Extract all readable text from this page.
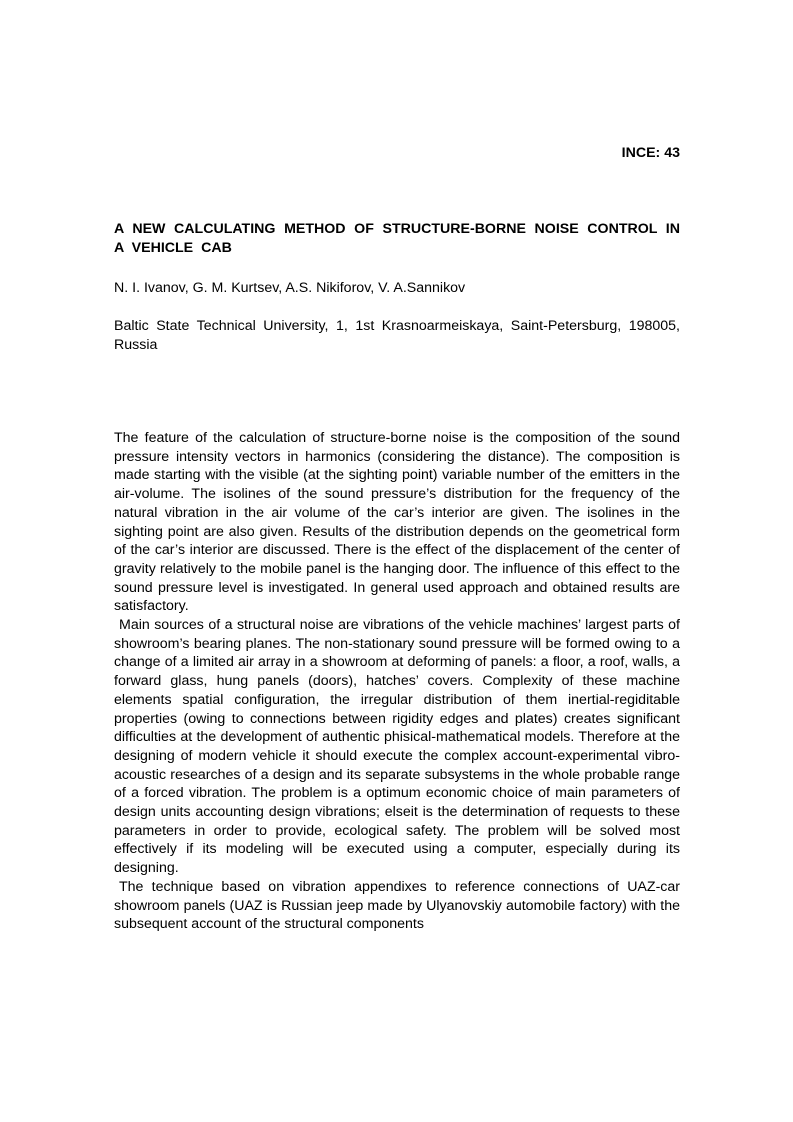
INCE: 43
A NEW CALCULATING METHOD OF STRUCTURE-BORNE NOISE CONTROL IN A VEHICLE CAB
N. I. Ivanov, G. M. Kurtsev, A.S. Nikiforov, V. A.Sannikov
Baltic State Technical University, 1, 1st Krasnoarmeiskaya, Saint-Petersburg, 198005, Russia

The feature of the calculation of structure-borne noise is the composition of the sound pressure intensity vectors in harmonics (considering the distance). The composition is made starting with the visible (at the sighting point) variable number of the emitters in the air-volume. The isolines of the sound pressure’s distribution for the frequency of the natural vibration in the air volume of the car’s interior are given. The isolines in the sighting point are also given. Results of the distribution depends on the geometrical form of the car’s interior are discussed. There is the effect of the displacement of the center of gravity relatively to the mobile panel is the hanging door. The influence of this effect to the sound pressure level is investigated. In general used approach and obtained results are satisfactory.

Main sources of a structural noise are vibrations of the vehicle machines’ largest parts of showroom’s bearing planes. The non-stationary sound pressure will be formed owing to a change of a limited air array in a showroom at deforming of panels: a floor, a roof, walls, a forward glass, hung panels (doors), hatches’ covers. Complexity of these machine elements spatial configuration, the irregular distribution of them inertial-regiditable properties (owing to connections between rigidity edges and plates) creates significant difficulties at the development of authentic phisical-mathematical models. Therefore at the designing of modern vehicle it should execute the complex account-experimental vibro-acoustic researches of a design and its separate subsystems in the whole probable range of a forced vibration. The problem is a optimum economic choice of main parameters of design units accounting design vibrations; elseit is the determination of requests to these parameters in order to provide, ecological safety. The problem will be solved most effectively if its modeling will be executed using a computer, especially during its designing.

The technique based on vibration appendixes to reference connections of UAZ-car showroom panels (UAZ is Russian jeep made by Ulyanovskiy automobile factory) with the subsequent account of the structural components
